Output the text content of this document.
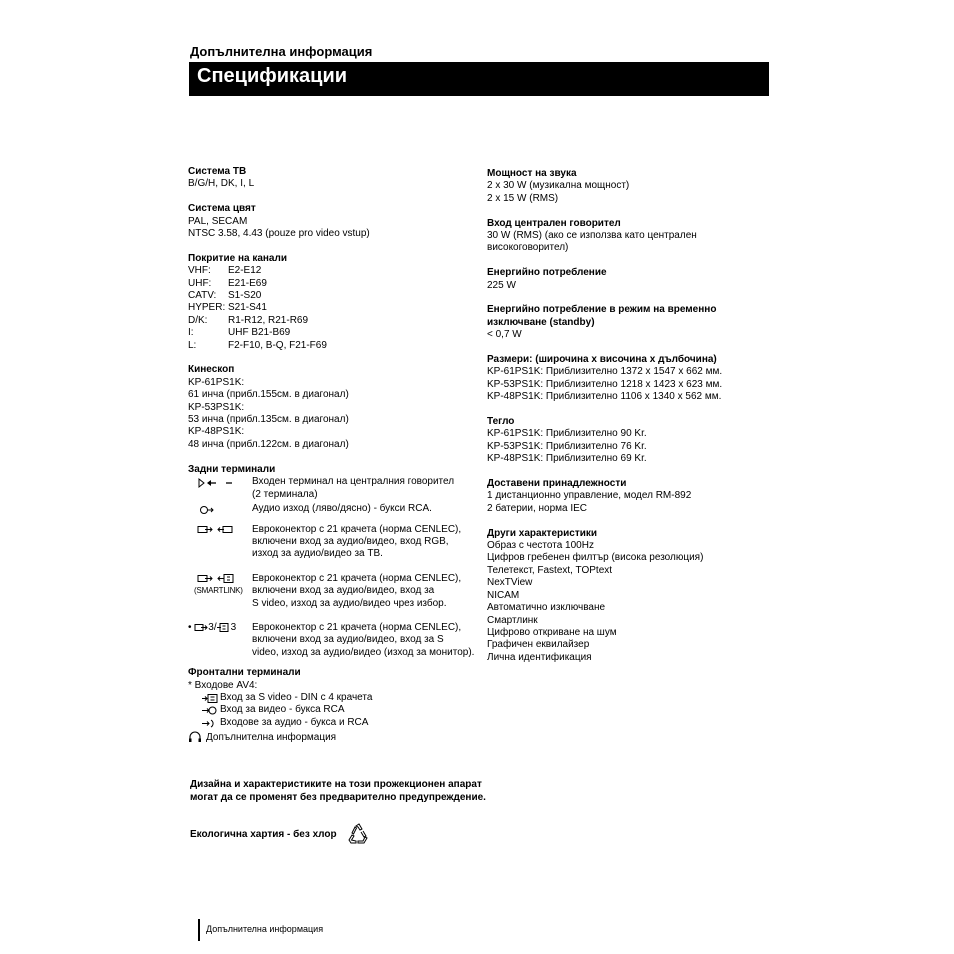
Допълнителна информация
Спецификации
Система ТВ
B/G/H, DK, I, L
Система цвят
PAL, SECAM
NTSC 3.58, 4.43 (pouze pro video vstup)
Покритие на канали
VHF:	E2-E12
UHF:	E21-E69
CATV:	S1-S20
HYPER: S21-S41
D/K:	R1-R12, R21-R69
I:	UHF B21-B69
L:	F2-F10, B-Q, F21-F69
Кинескоп
KP-61PS1K:
61 инча (прибл.155см. в диагонал)
KP-53PS1K:
53 инча (прибл.135см. в диагонал)
KP-48PS1K:
48 инча (прибл.122см. в диагонал)
Задни терминали
Входен терминал на централния говорител
(2 терминала)
Аудио изход (ляво/дясно) - букси RCA.
Евроконектор с 21 крачета (норма CENLEC),
включени вход за аудио/видео, вход RGB,
изход за аудио/видео за ТВ.
(SMARTLINK)
Евроконектор с 21 крачета (норма CENLEC),
включени вход за аудио/видео, вход за
S video, изход за аудио/видео чрез избор.
• 3/ 3 Евроконектор с 21 крачета (норма CENLEC),
включени вход за аудио/видео, вход за S
video, изход за аудио/видео (изход за монитор).
Фронтални терминали
* Входове AV4:
Вход за S video - DIN с 4 крачета
Вход за видео - букса RCA
Входове за аудио - букса и RCA
Допълнителна информация
Мощност на звука
2 x 30 W (музикална мощност)
2 x 15 W (RMS)
Вход централен говорител
30 W (RMS) (ако се използва като централен
високоговорител)
Енергийно потребление
225 W
Енергийно потребление в режим на временно
изключване (standby)
< 0,7 W
Размери: (широчина x височина x дълбочина)
KP-61PS1K: Приблизително 1372 x 1547 x 662 мм.
KP-53PS1K: Приблизително 1218 x 1423 x 623 мм.
KP-48PS1K: Приблизително 1106 x 1340 x 562 мм.
Тегло
KP-61PS1K: Приблизително 90 Kr.
KP-53PS1K: Приблизително 76 Kr.
KP-48PS1K: Приблизително 69 Kr.
Доставени принадлежности
1 дистанционно управление, модел RM-892
2 батерии, норма IEC
Други характеристики
Образ с честота 100Hz
Цифров гребенен филтър (висока резолюция)
Телетекст, Fastext, TOPtext
NexTView
NICAM
Автоматично изключване
Смартлинк
Цифрово откриване на шум
Графичен еквилайзер
Лична идентификация
Дизайна и характеристиките на този прожекционен апарат
могат да се променят без предварително предупреждение.
Екологична хартия - без хлор
Допълнителна информация
